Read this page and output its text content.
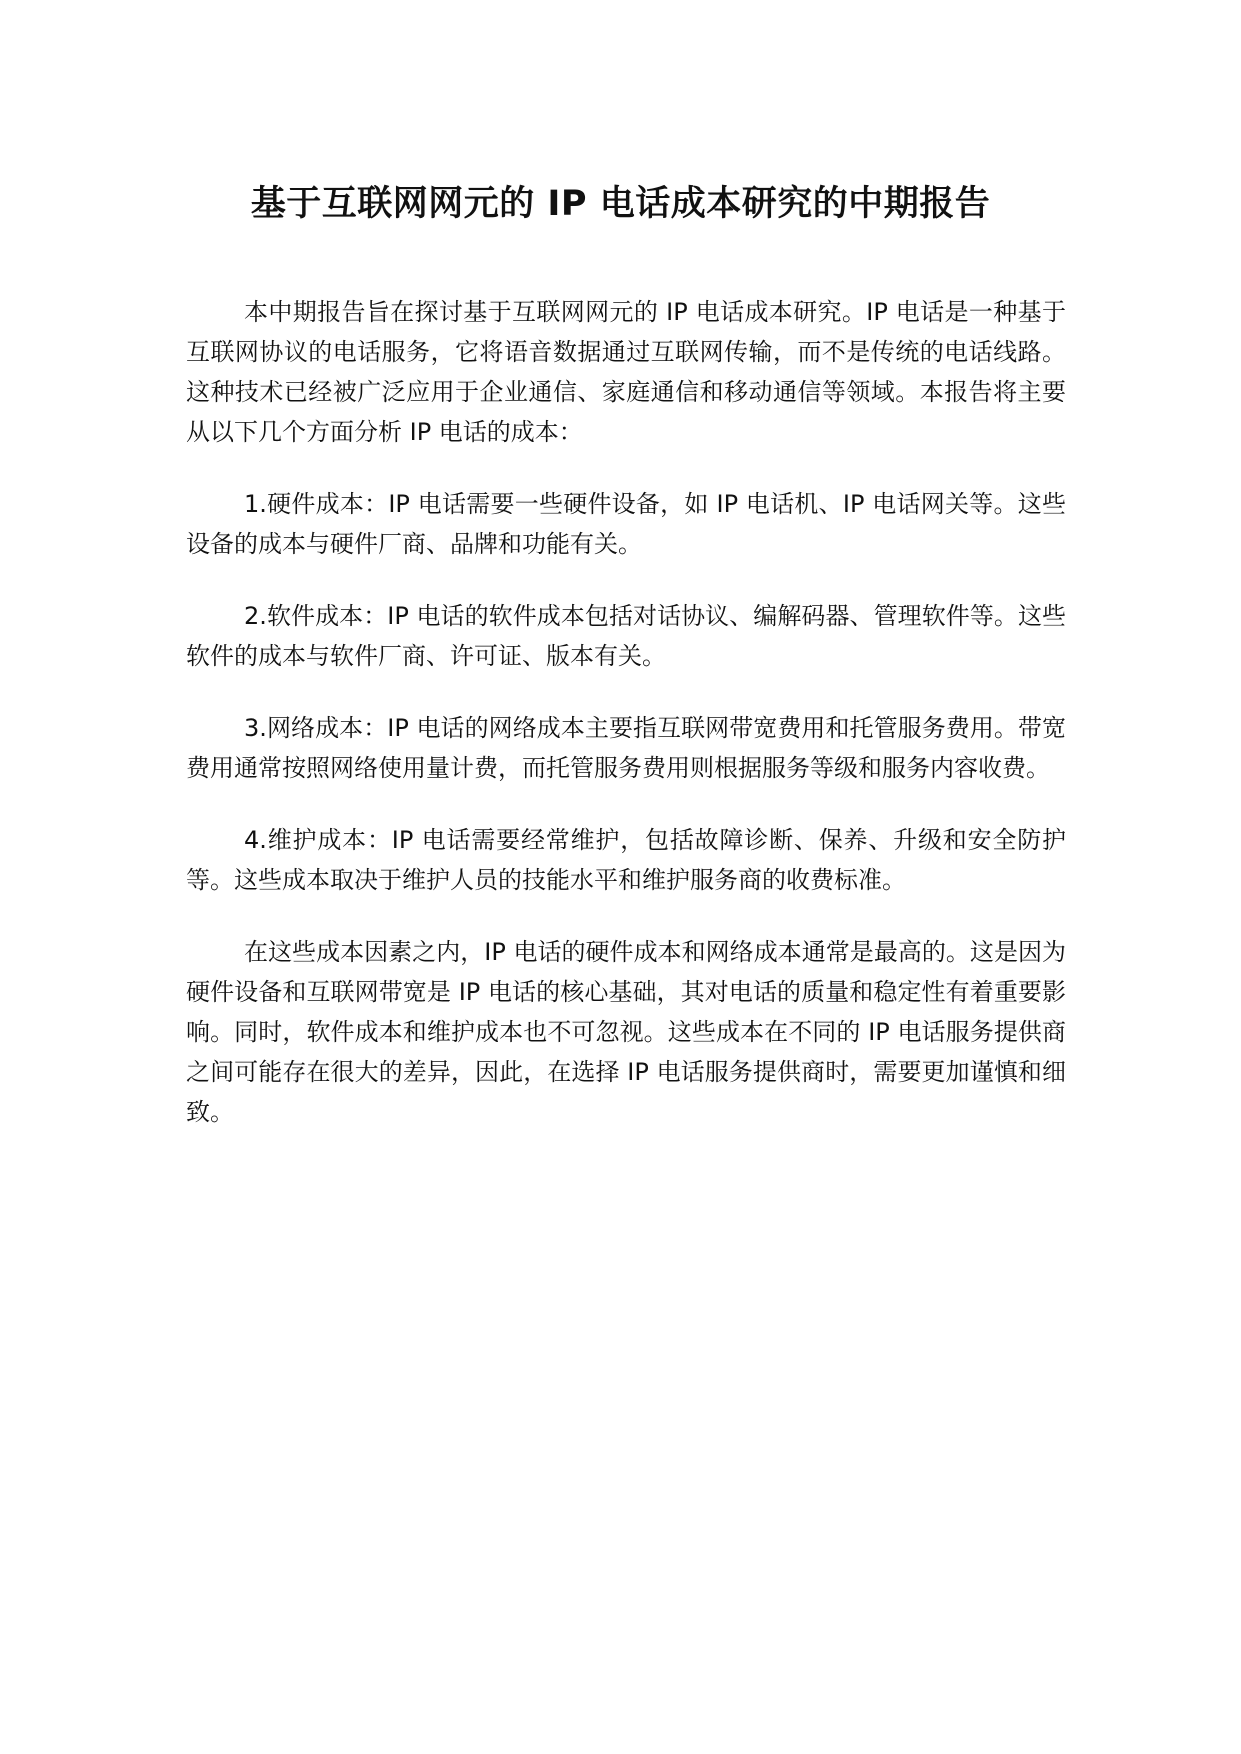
基于互联网网元的 IP 电话成本研究的中期报告

本中期报告旨在探讨基于互联网网元的 IP 电话成本研究。IP 电话是一种基于互联网协议的电话服务，它将语音数据通过互联网传输，而不是传统的电话线路。这种技术已经被广泛应用于企业通信、家庭通信和移动通信等领域。本报告将主要从以下几个方面分析 IP 电话的成本：

1.硬件成本：IP 电话需要一些硬件设备，如 IP 电话机、IP 电话网关等。这些设备的成本与硬件厂商、品牌和功能有关。

2.软件成本：IP 电话的软件成本包括对话协议、编解码器、管理软件等。这些软件的成本与软件厂商、许可证、版本有关。

3.网络成本：IP 电话的网络成本主要指互联网带宽费用和托管服务费用。带宽费用通常按照网络使用量计费，而托管服务费用则根据服务等级和服务内容收费。

4.维护成本：IP 电话需要经常维护，包括故障诊断、保养、升级和安全防护等。这些成本取决于维护人员的技能水平和维护服务商的收费标准。

在这些成本因素之内，IP 电话的硬件成本和网络成本通常是最高的。这是因为硬件设备和互联网带宽是 IP 电话的核心基础，其对电话的质量和稳定性有着重要影响。同时，软件成本和维护成本也不可忽视。这些成本在不同的 IP 电话服务提供商之间可能存在很大的差异，因此，在选择 IP 电话服务提供商时，需要更加谨慎和细致。
